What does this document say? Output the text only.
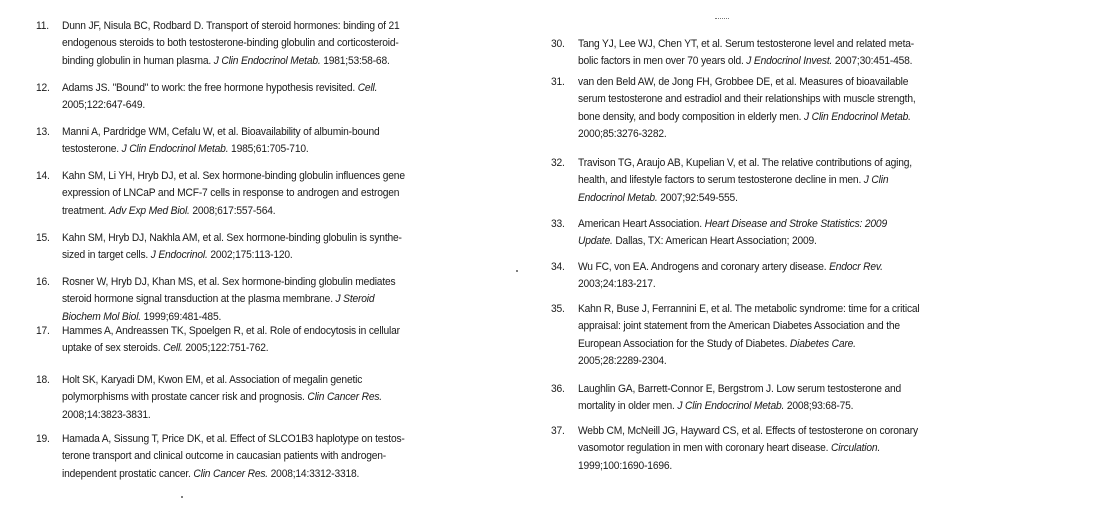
11. Dunn JF, Nisula BC, Rodbard D. Transport of steroid hormones: binding of 21
endogenous steroids to both testosterone-binding globulin and corticosteroid-
binding globulin in human plasma. J Clin Endocrinol Metab. 1981;53:58-68.
12. Adams JS. "Bound" to work: the free hormone hypothesis revisited. Cell.
2005;122:647-649.
13. Manni A, Pardridge WM, Cefalu W, et al. Bioavailability of albumin-bound
testosterone. J Clin Endocrinol Metab. 1985;61:705-710.
14. Kahn SM, Li YH, Hryb DJ, et al. Sex hormone-binding globulin influences gene
expression of LNCaP and MCF-7 cells in response to androgen and estrogen
treatment. Adv Exp Med Biol. 2008;617:557-564.
15. Kahn SM, Hryb DJ, Nakhla AM, et al. Sex hormone-binding globulin is synthe-
sized in target cells. J Endocrinol. 2002;175:113-120.
16. Rosner W, Hryb DJ, Khan MS, et al. Sex hormone-binding globulin mediates
steroid hormone signal transduction at the plasma membrane. J Steroid
Biochem Mol Biol. 1999;69:481-485.
17. Hammes A, Andreassen TK, Spoelgen R, et al. Role of endocytosis in cellular
uptake of sex steroids. Cell. 2005;122:751-762.
18. Holt SK, Karyadi DM, Kwon EM, et al. Association of megalin genetic
polymorphisms with prostate cancer risk and prognosis. Clin Cancer Res.
2008;14:3823-3831.
19. Hamada A, Sissung T, Price DK, et al. Effect of SLCO1B3 haplotype on testos-
terone transport and clinical outcome in caucasian patients with androgen-
independent prostatic cancer. Clin Cancer Res. 2008;14:3312-3318.
30. Tang YJ, Lee WJ, Chen YT, et al. Serum testosterone level and related meta-
bolic factors in men over 70 years old. J Endocrinol Invest. 2007;30:451-458.
31. van den Beld AW, de Jong FH, Grobbee DE, et al. Measures of bioavailable
serum testosterone and estradiol and their relationships with muscle strength,
bone density, and body composition in elderly men. J Clin Endocrinol Metab.
2000;85:3276-3282.
32. Travison TG, Araujo AB, Kupelian V, et al. The relative contributions of aging,
health, and lifestyle factors to serum testosterone decline in men. J Clin
Endocrinol Metab. 2007;92:549-555.
33. American Heart Association. Heart Disease and Stroke Statistics: 2009
Update. Dallas, TX: American Heart Association; 2009.
34. Wu FC, von EA. Androgens and coronary artery disease. Endocr Rev.
2003;24:183-217.
35. Kahn R, Buse J, Ferrannini E, et al. The metabolic syndrome: time for a critical
appraisal: joint statement from the American Diabetes Association and the
European Association for the Study of Diabetes. Diabetes Care.
2005;28:2289-2304.
36. Laughlin GA, Barrett-Connor E, Bergstrom J. Low serum testosterone and
mortality in older men. J Clin Endocrinol Metab. 2008;93:68-75.
37. Webb CM, McNeill JG, Hayward CS, et al. Effects of testosterone on coronary
vasomotor regulation in men with coronary heart disease. Circulation.
1999;100:1690-1696.
